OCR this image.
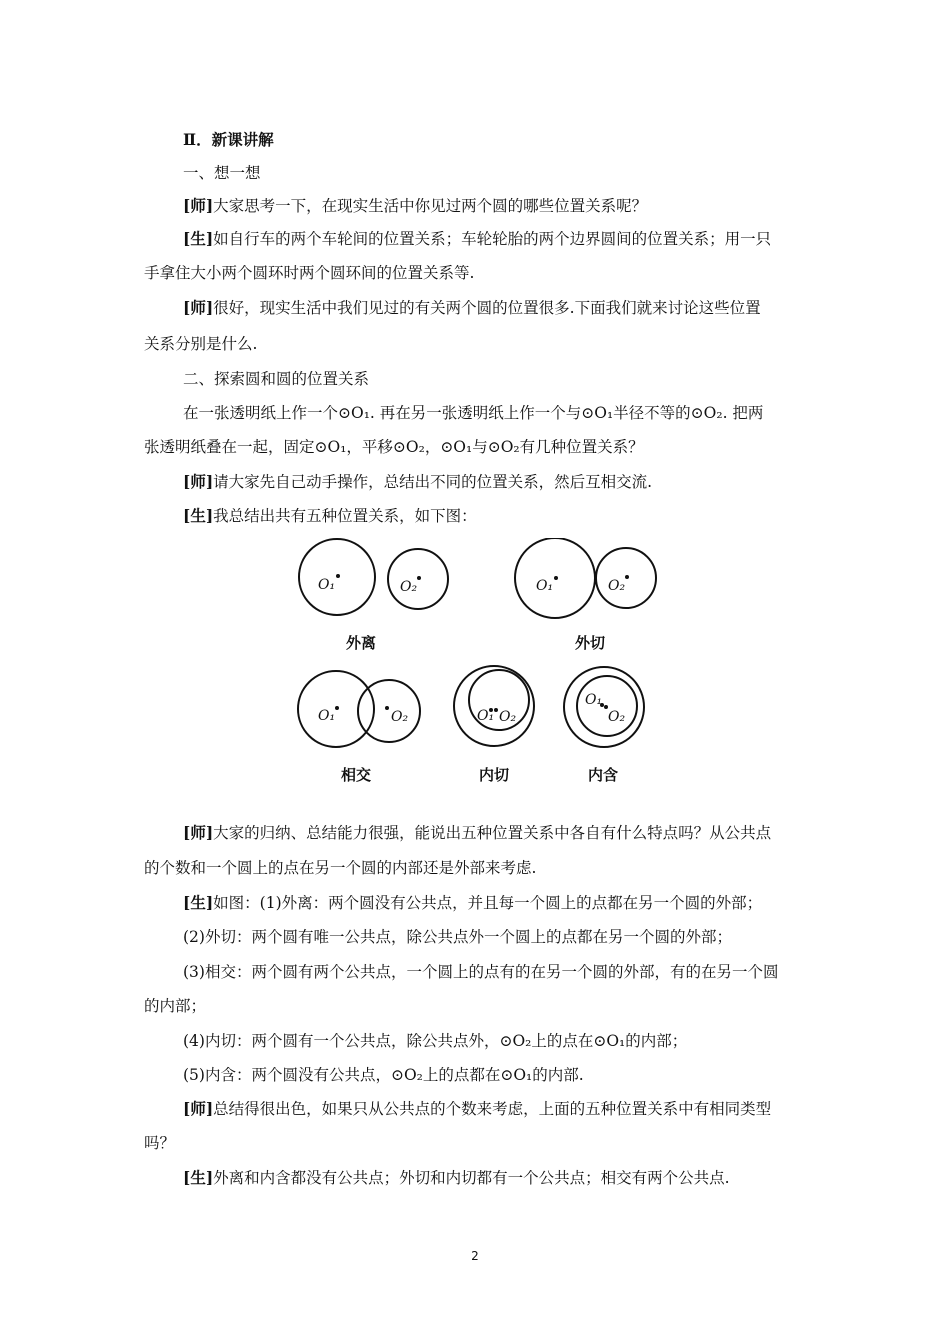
Ⅱ．新课讲解
一、想一想
[师]大家思考一下，在现实生活中你见过两个圆的哪些位置关系呢？
[生]如自行车的两个车轮间的位置关系；车轮轮胎的两个边界圆间的位置关系；用一只
手拿住大小两个圆环时两个圆环间的位置关系等.
[师]很好，现实生活中我们见过的有关两个圆的位置很多.下面我们就来讨论这些位置
关系分别是什么.
二、探索圆和圆的位置关系
在一张透明纸上作一个⊙O₁. 再在另一张透明纸上作一个与⊙O₁半径不等的⊙O₂. 把两
张透明纸叠在一起，固定⊙O₁，平移⊙O₂，⊙O₁与⊙O₂有几种位置关系？
[师]请大家先自己动手操作，总结出不同的位置关系，然后互相交流.
[生]我总结出共有五种位置关系，如下图：
O₁	O₂	O₁	O₂
O₁	O₂	O₁ O₂
O₁
O₂
外离	外切
相交	内切	内含
[师]大家的归纳、总结能力很强，能说出五种位置关系中各自有什么特点吗？从公共点
的个数和一个圆上的点在另一个圆的内部还是外部来考虑.
[生]如图：(1)外离：两个圆没有公共点，并且每一个圆上的点都在另一个圆的外部；
(2)外切：两个圆有唯一公共点，除公共点外一个圆上的点都在另一个圆的外部；
(3)相交：两个圆有两个公共点，一个圆上的点有的在另一个圆的外部，有的在另一个圆
的内部；
(4)内切：两个圆有一个公共点，除公共点外，⊙O₂上的点在⊙O₁的内部；
(5)内含：两个圆没有公共点，⊙O₂上的点都在⊙O₁的内部.
[师]总结得很出色，如果只从公共点的个数来考虑，上面的五种位置关系中有相同类型
吗？
[生]外离和内含都没有公共点；外切和内切都有一个公共点；相交有两个公共点.
2
